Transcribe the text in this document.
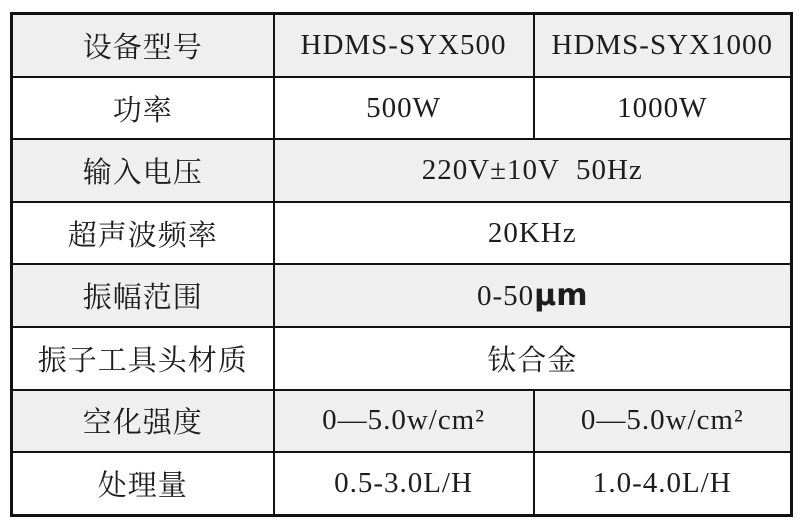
设备型号	HDMS-SYX500	HDMS-SYX1000
功率	500W	1000W
输入电压	220V±10V  50Hz	
超声波频率	20KHz	
振幅范围	0-50μm	
振子工具头材质	钛合金	
空化强度	0—5.0w/cm²	0—5.0w/cm²
处理量	0.5-3.0L/H	1.0-4.0L/H
